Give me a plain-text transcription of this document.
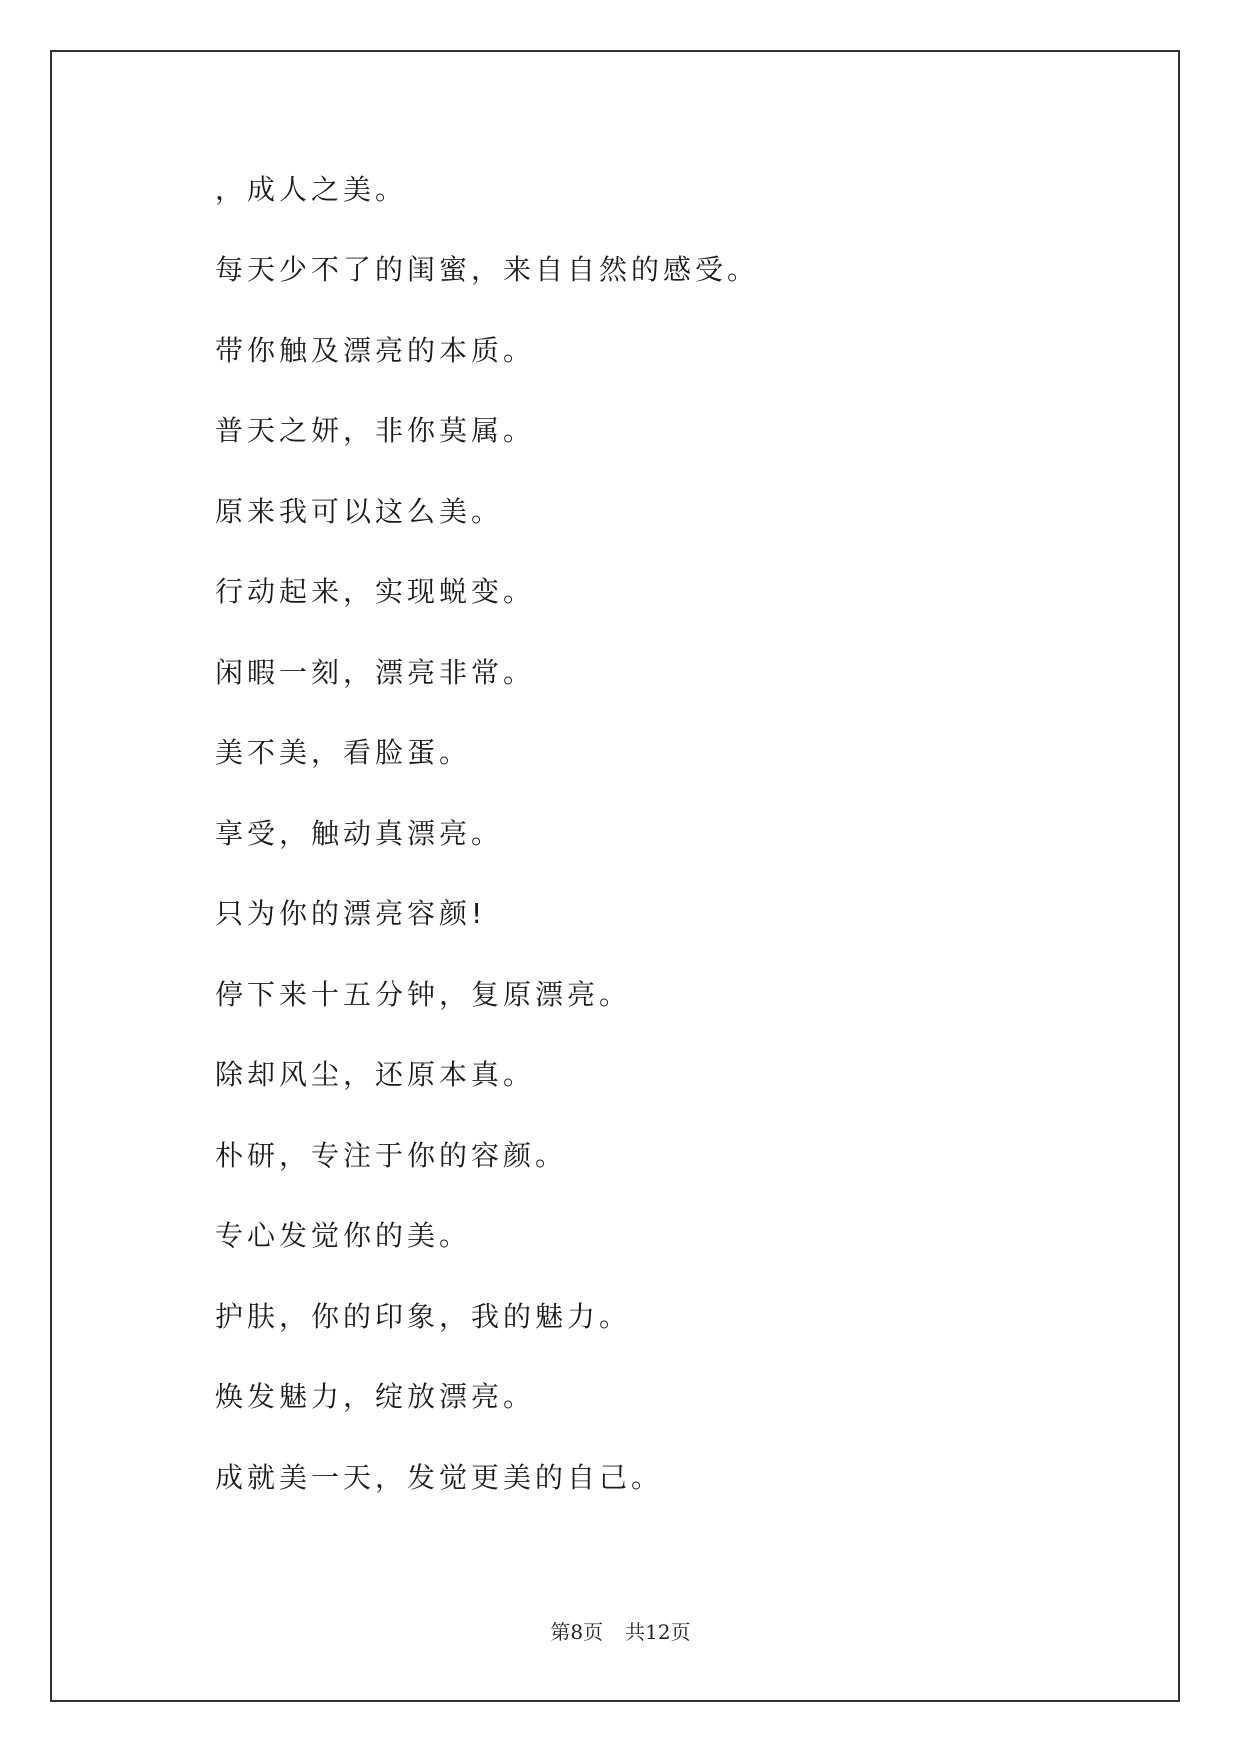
，成人之美。
每天少不了的闺蜜，来自自然的感受。
带你触及漂亮的本质。
普天之妍，非你莫属。
原来我可以这么美。
行动起来，实现蜕变。
闲暇一刻，漂亮非常。
美不美，看脸蛋。
享受，触动真漂亮。
只为你的漂亮容颜!
停下来十五分钟，复原漂亮。
除却风尘，还原本真。
朴研，专注于你的容颜。
专心发觉你的美。
护肤，你的印象，我的魅力。
焕发魅力，绽放漂亮。
成就美一天，发觉更美的自己。
第8页 共12页
